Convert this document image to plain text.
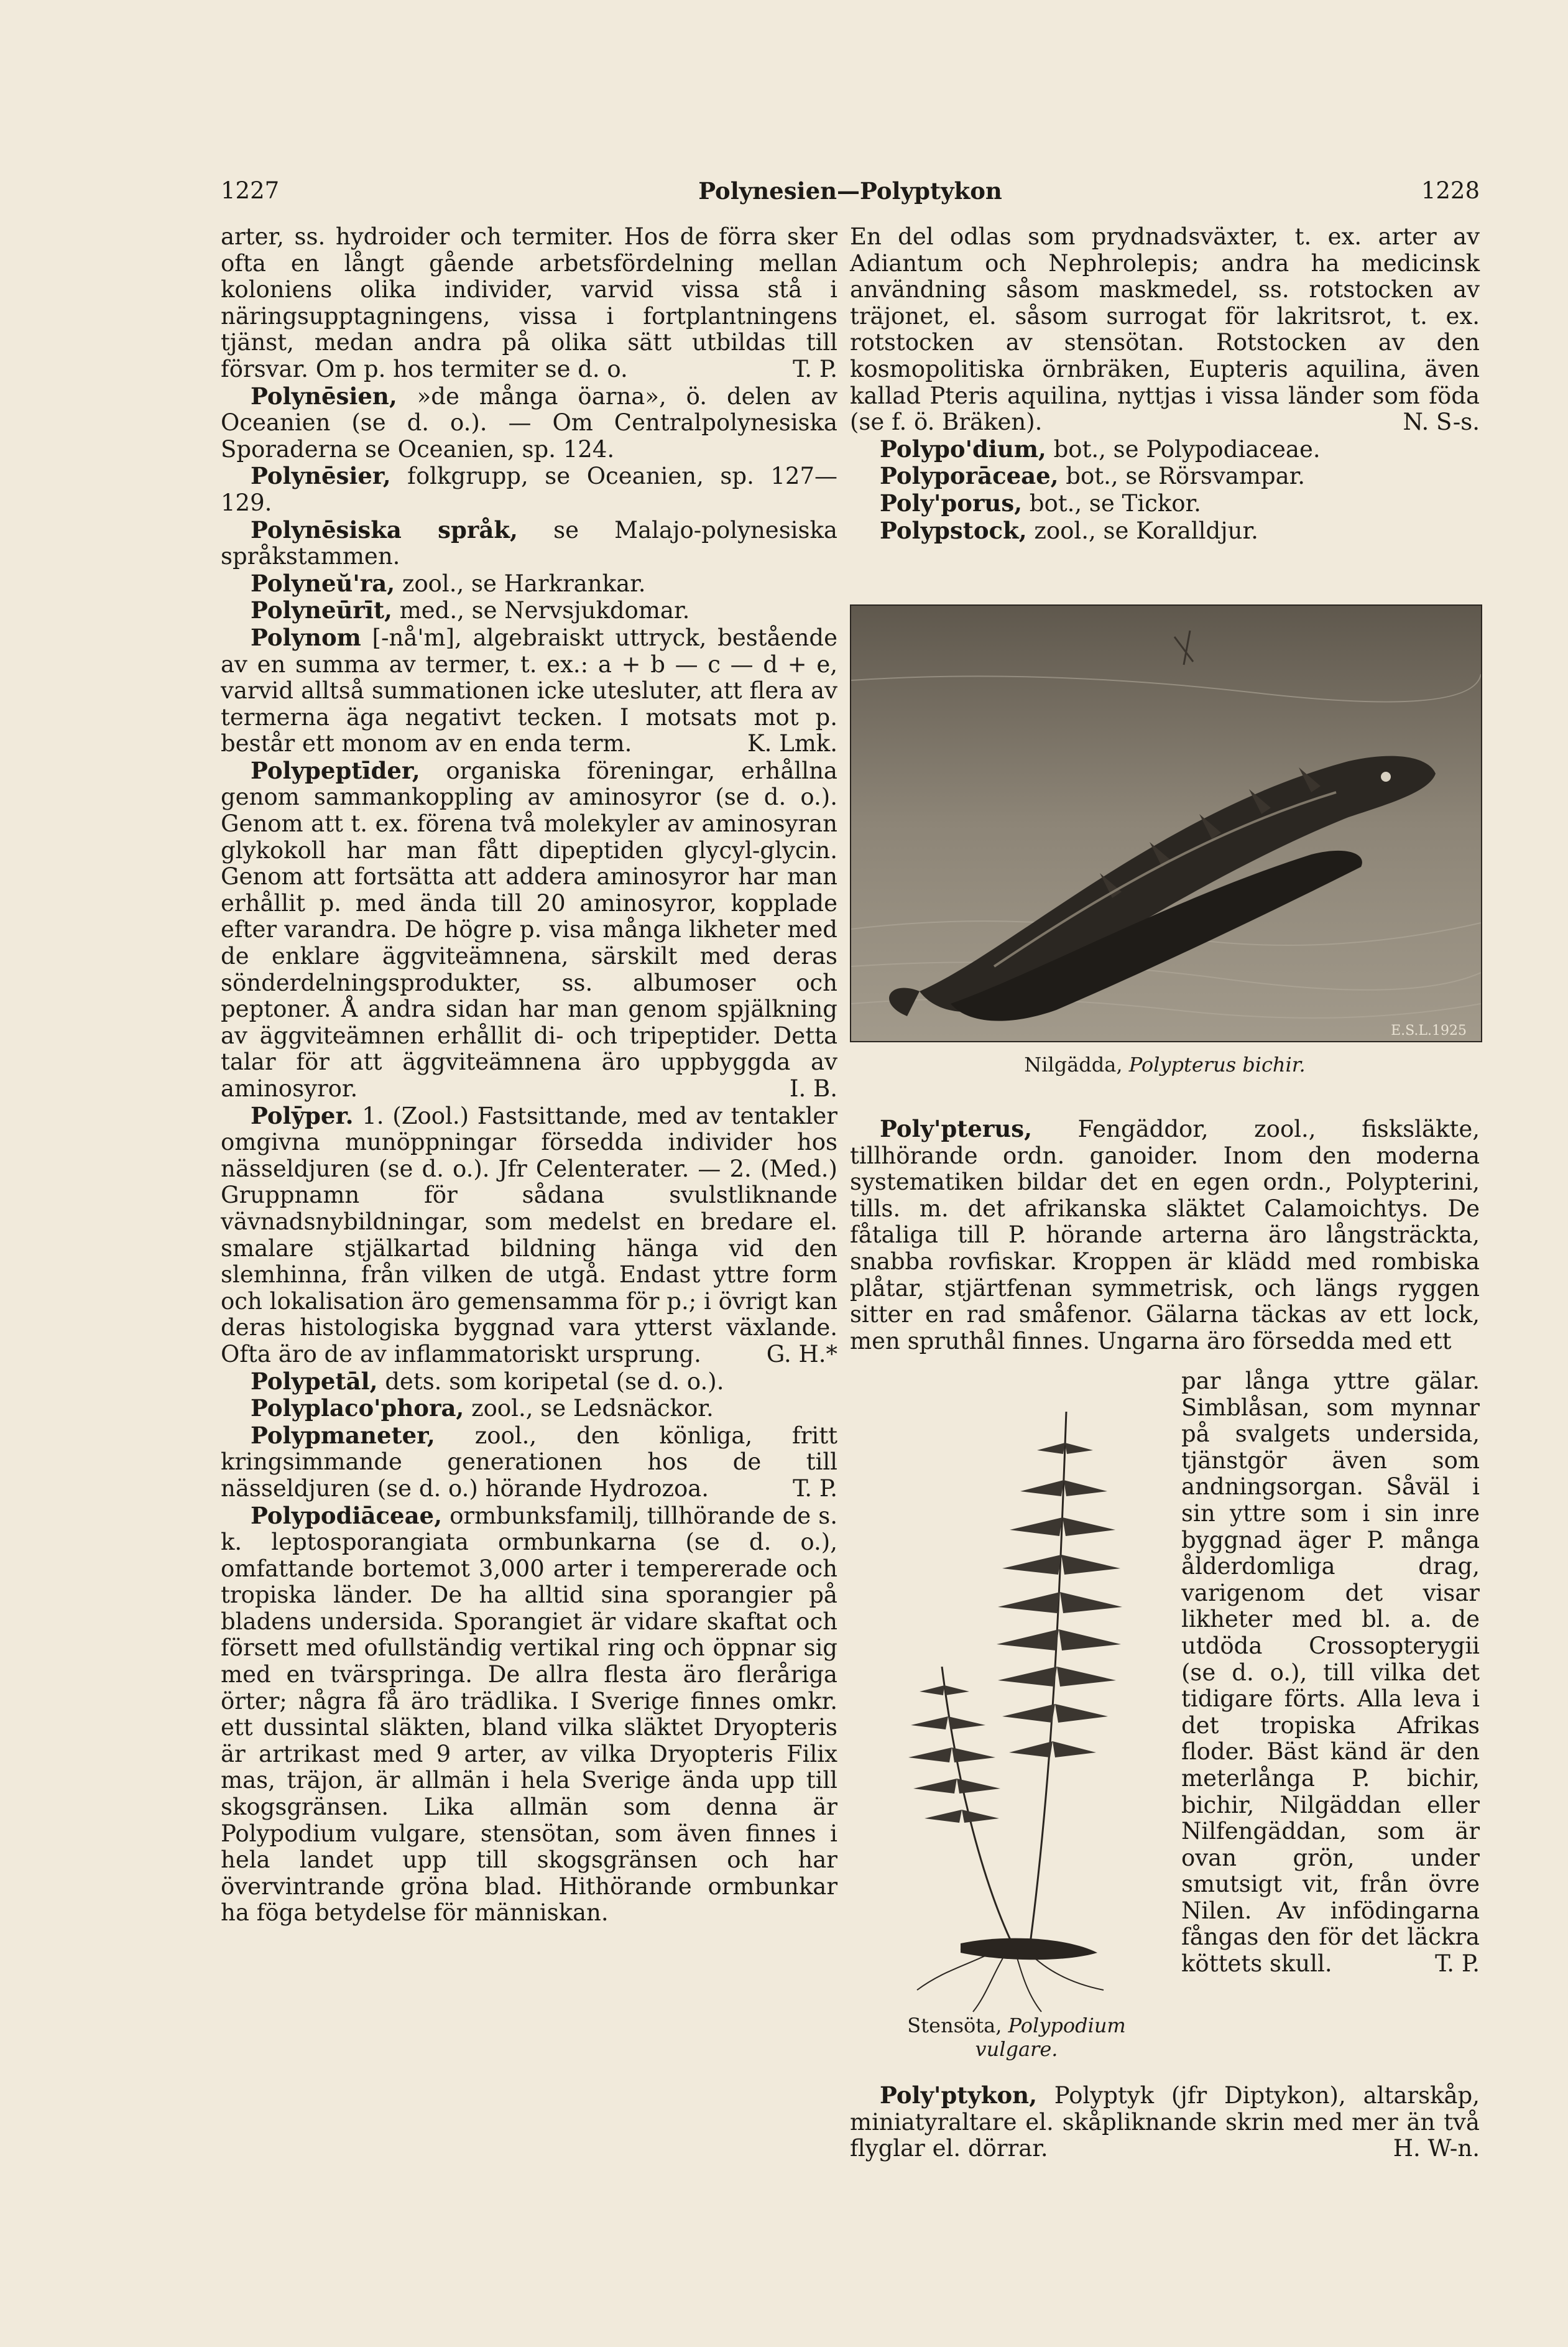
1227	Polynesien—Polyptykon	1228

arter, ss. hydroider och termiter. Hos de förra sker ofta en långt gående arbetsfördelning mellan koloniens olika individer, varvid vissa stå i näringsupptagningens, vissa i fortplantningens tjänst, medan andra på olika sätt utbildas till försvar. Om p. hos termiter se d. o.	T. P.

Polynēsien, »de många öarna», ö. delen av Oceanien (se d. o.). — Om Centralpolynesiska Sporaderna se Oceanien, sp. 124.

Polynēsier, folkgrupp, se Oceanien, sp. 127—129.

Polynēsiska språk, se Malajo-polynesiska språkstammen.

Polyneŭ'ra, zool., se Harkrankar.

Polyneūrīt, med., se Nervsjukdomar.

Polynom [-nå'm], algebraiskt uttryck, bestående av en summa av termer, t. ex.: a + b — c — d + e, varvid alltså summationen icke utesluter, att flera av termerna äga negativt tecken. I motsats mot p. består ett monom av en enda term.	K. Lmk.

Polypeptīder, organiska föreningar, erhållna genom sammankoppling av aminosyror (se d. o.). Genom att t. ex. förena två molekyler av aminosyran glykokoll har man fått dipeptiden glycyl-glycin. Genom att fortsätta att addera aminosyror har man erhållit p. med ända till 20 aminosyror, kopplade efter varandra. De högre p. visa många likheter med de enklare äggviteämnena, särskilt med deras sönderdelningsprodukter, ss. albumoser och peptoner. Å andra sidan har man genom spjälkning av äggviteämnen erhållit di- och tripeptider. Detta talar för att äggviteämnena äro uppbyggda av aminosyror.	I. B.

Polȳper. 1. (Zool.) Fastsittande, med av tentakler omgivna munöppningar försedda individer hos nässeldjuren (se d. o.). Jfr Celenterater. — 2. (Med.) Gruppnamn för sådana svulstliknande vävnadsnybildningar, som medelst en bredare el. smalare stjälkartad bildning hänga vid den slemhinna, från vilken de utgå. Endast yttre form och lokalisation äro gemensamma för p.; i övrigt kan deras histologiska byggnad vara ytterst växlande. Ofta äro de av inflammatoriskt ursprung.	G. H.*

Polypetāl, dets. som koripetal (se d. o.).

Polyplaco'phora, zool., se Ledsnäckor.

Polypmaneter, zool., den könliga, fritt kringsimmande generationen hos de till nässeldjuren (se d. o.) hörande Hydrozoa.	T. P.

Polypodiāceae, ormbunksfamilj, tillhörande de s. k. leptosporangiata ormbunkarna (se d. o.), omfattande bortemot 3,000 arter i tempererade och tropiska länder. De ha alltid sina sporangier på bladens undersida. Sporangiet är vidare skaftat och försett med ofullständig vertikal ring och öppnar sig med en tvärspringa. De allra flesta äro fleråriga örter; några få äro trädlika. I Sverige finnes omkr. ett dussintal släkten, bland vilka släktet Dryopteris är artrikast med 9 arter, av vilka Dryopteris Filix mas, träjon, är allmän i hela Sverige ända upp till skogsgränsen. Lika allmän som denna är Polypodium vulgare, stensötan, som även finnes i hela landet upp till skogsgränsen och har övervintrande gröna blad. Hithörande ormbunkar ha föga betydelse för människan.

En del odlas som prydnadsväxter, t. ex. arter av Adiantum och Nephrolepis; andra ha medicinsk användning såsom maskmedel, ss. rotstocken av träjonet, el. såsom surrogat för lakritsrot, t. ex. rotstocken av stensötan. Rotstocken av den kosmopolitiska örnbräken, Eupteris aquilina, även kallad Pteris aquilina, nyttjas i vissa länder som föda (se f. ö. Bräken).	N. S-s.

Polypo'dium, bot., se Polypodiaceae.

Polyporāceae, bot., se Rörsvampar.

Poly'porus, bot., se Tickor.

Polypstock, zool., se Koralldjur.

E.S.L.1925
Nilgädda, Polypterus bichir.

Poly'pterus, Fengäddor, zool., fisksläkte, tillhörande ordn. ganoider. Inom den moderna systematiken bildar det en egen ordn., Polypterini, tills. m. det afrikanska släktet Calamoichtys. De fåtaliga till P. hörande arterna äro långsträckta, snabba rovfiskar. Kroppen är klädd med rombiska plåtar, stjärtfenan symmetrisk, och längs ryggen sitter en rad småfenor. Gälarna täckas av ett lock, men spruthål finnes. Ungarna äro försedda med ett

Stensöta, Polypodium vulgare.

par långa yttre gälar. Simblåsan, som mynnar på svalgets undersida, tjänstgör även som andningsorgan. Såväl i sin yttre som i sin inre byggnad äger P. många ålderdomliga drag, varigenom det visar likheter med bl. a. de utdöda Crossopterygii (se d. o.), till vilka det tidigare förts. Alla leva i det tropiska Afrikas floder. Bäst känd är den meterlånga P. bichir, bichir, Nilgäddan eller Nilfengäddan, som är ovan grön, under smutsigt vit, från övre Nilen. Av infödingarna fångas den för det läckra köttets skull.	T. P.

Poly'ptykon, Polyptyk (jfr Diptykon), altarskåp, miniatyraltare el. skåpliknande skrin med mer än två flyglar el. dörrar.	H. W-n.
